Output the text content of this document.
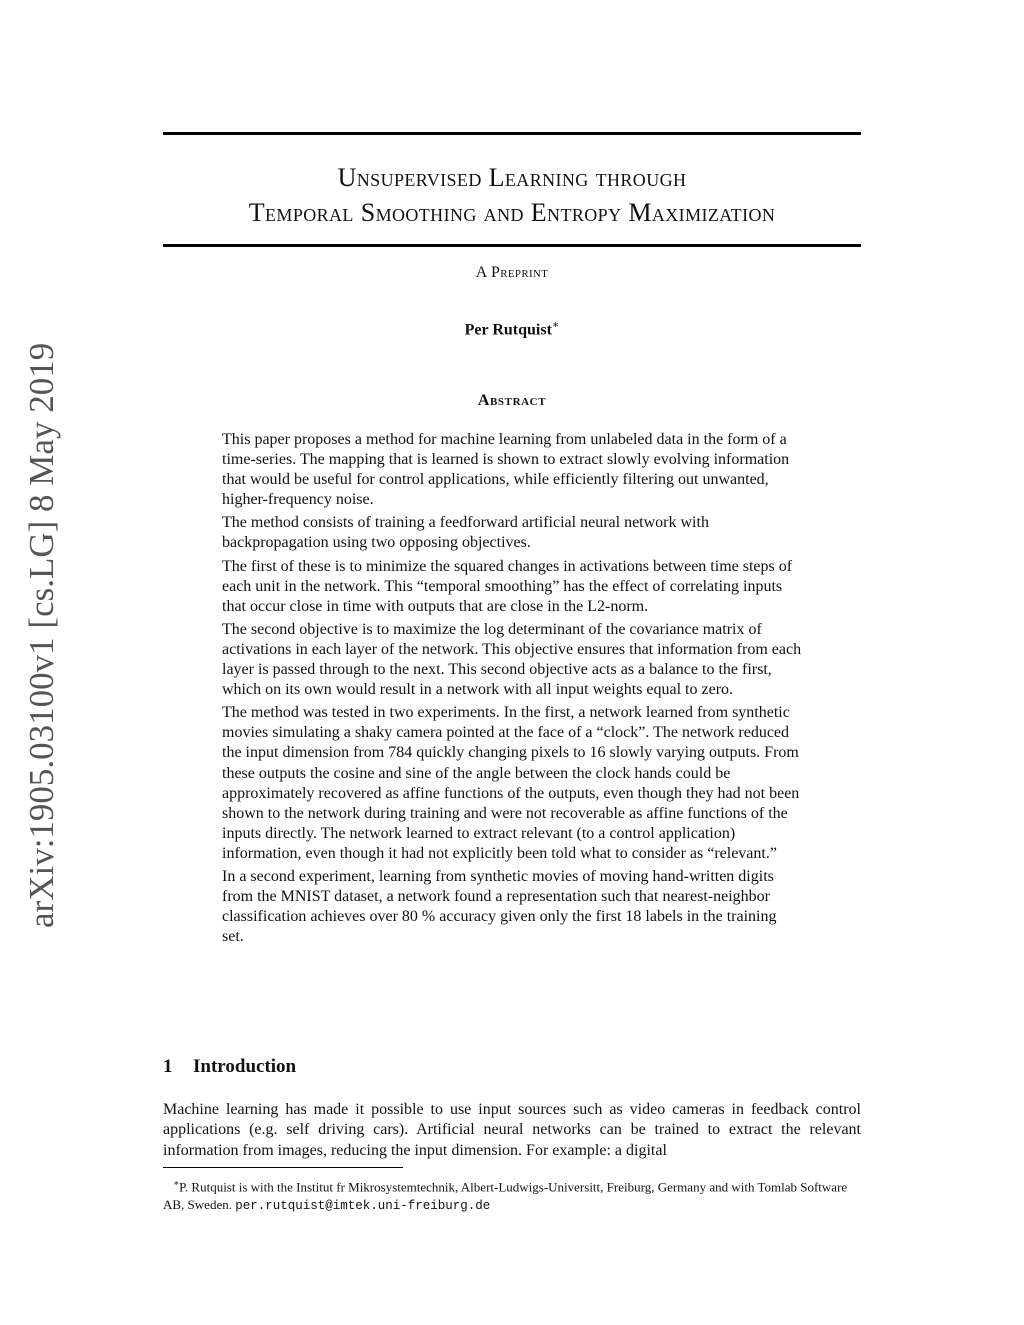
arXiv:1905.03100v1 [cs.LG] 8 May 2019
Unsupervised Learning through
Temporal Smoothing and Entropy Maximization
A Preprint
Per Rutquist∗
Abstract

This paper proposes a method for machine learning from unlabeled data in the form of a time-series. The mapping that is learned is shown to extract slowly evolving information that would be useful for control applications, while efficiently filtering out unwanted, higher-frequency noise.

The method consists of training a feedforward artificial neural network with backpropagation using two opposing objectives.

The first of these is to minimize the squared changes in activations between time steps of each unit in the network. This “temporal smoothing” has the effect of correlating inputs that occur close in time with outputs that are close in the L2-norm.

The second objective is to maximize the log determinant of the covariance matrix of activations in each layer of the network. This objective ensures that information from each layer is passed through to the next. This second objective acts as a balance to the first, which on its own would result in a network with all input weights equal to zero.

The method was tested in two experiments. In the first, a network learned from synthetic movies simulating a shaky camera pointed at the face of a “clock”. The network reduced the input dimension from 784 quickly changing pixels to 16 slowly varying outputs. From these outputs the cosine and sine of the angle between the clock hands could be approximately recovered as affine functions of the outputs, even though they had not been shown to the network during training and were not recoverable as affine functions of the inputs directly. The network learned to extract relevant (to a control application) information, even though it had not explicitly been told what to consider as “relevant.”

In a second experiment, learning from synthetic movies of moving hand-written digits from the MNIST dataset, a network found a representation such that nearest-neighbor classification achieves over 80 % accuracy given only the first 18 labels in the training set.

1 Introduction

Machine learning has made it possible to use input sources such as video cameras in feedback control applications (e.g. self driving cars). Artificial neural networks can be trained to extract the relevant information from images, reducing the input dimension. For example: a digital

∗P. Rutquist is with the Institut fr Mikrosystemtechnik, Albert-Ludwigs-Universitt, Freiburg, Germany and with Tomlab Software AB, Sweden. per.rutquist@imtek.uni-freiburg.de
